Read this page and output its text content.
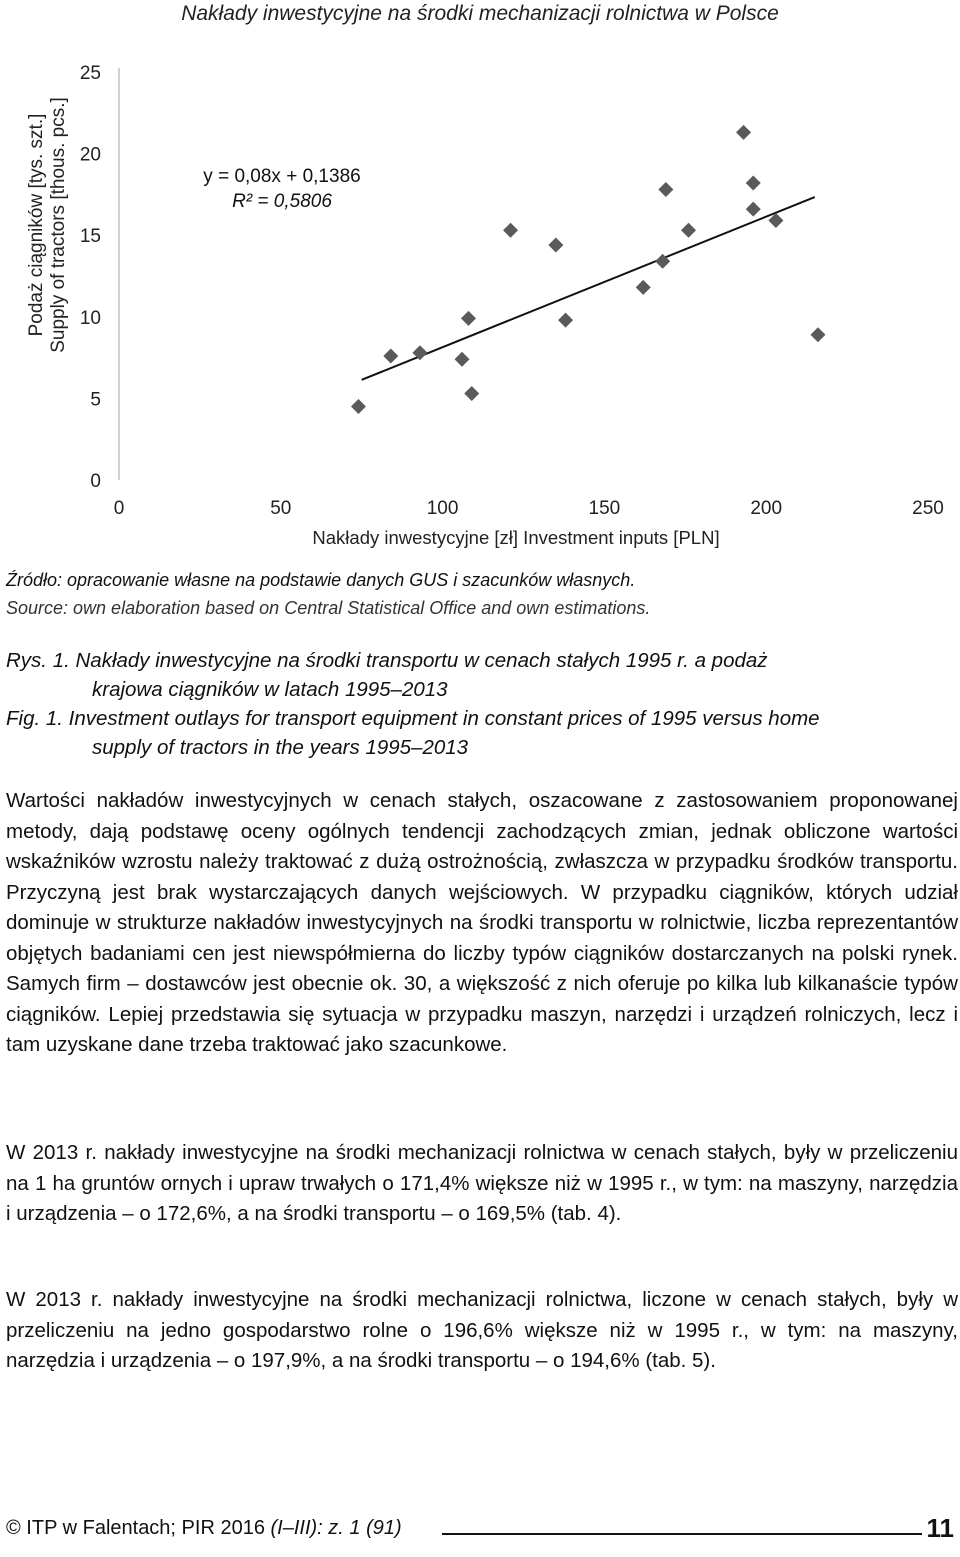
Nakłady inwestycyjne na środki mechanizacji rolnictwa w Polsce
Podaż ciągników [tys. szt.] Supply of tractors [thous. pcs.]
0
5
10
15
20
25
0	50	100	150	200	250
Nakłady inwestycyjne [zł] Investment inputs [PLN]
y = 0,08x + 0,1386
R² = 0,5806
Źródło: opracowanie własne na podstawie danych GUS i szacunków własnych.
Source: own elaboration based on Central Statistical Office and own estimations.
Rys. 1. Nakłady inwestycyjne na środki transportu w cenach stałych 1995 r. a podaż
krajowa ciągników w latach 1995–2013
Fig. 1. Investment outlays for transport equipment in constant prices of 1995 versus home
supply of tractors in the years 1995–2013
Wartości nakładów inwestycyjnych w cenach stałych, oszacowane z zastosowaniem proponowanej metody, dają podstawę oceny ogólnych tendencji zachodzących zmian, jednak obliczone wartości wskaźników wzrostu należy traktować z dużą ostrożnością, zwłaszcza w przypadku środków transportu. Przyczyną jest brak wystarczających danych wejściowych. W przypadku ciągników, których udział dominuje w strukturze nakładów inwestycyjnych na środki transportu w rolnictwie, liczba reprezentantów objętych badaniami cen jest niewspółmierna do liczby typów ciągników dostarczanych na polski rynek. Samych firm – dostawców jest obecnie ok. 30, a większość z nich oferuje po kilka lub kilkanaście typów ciągników. Lepiej przedstawia się sytuacja w przypadku maszyn, narzędzi i urządzeń rolniczych, lecz i tam uzyskane dane trzeba traktować jako szacunkowe.
W 2013 r. nakłady inwestycyjne na środki mechanizacji rolnictwa w cenach stałych, były w przeliczeniu na 1 ha gruntów ornych i upraw trwałych o 171,4% większe niż w 1995 r., w tym: na maszyny, narzędzia i urządzenia – o 172,6%, a na środki transportu – o 169,5% (tab. 4).
W 2013 r. nakłady inwestycyjne na środki mechanizacji rolnictwa, liczone w cenach stałych, były w przeliczeniu na jedno gospodarstwo rolne o 196,6% większe niż w 1995 r., w tym: na maszyny, narzędzia i urządzenia – o 197,9%, a na środki transportu – o 194,6% (tab. 5).
© ITP w Falentach; PIR 2016 (I–III): z. 1 (91)	11
